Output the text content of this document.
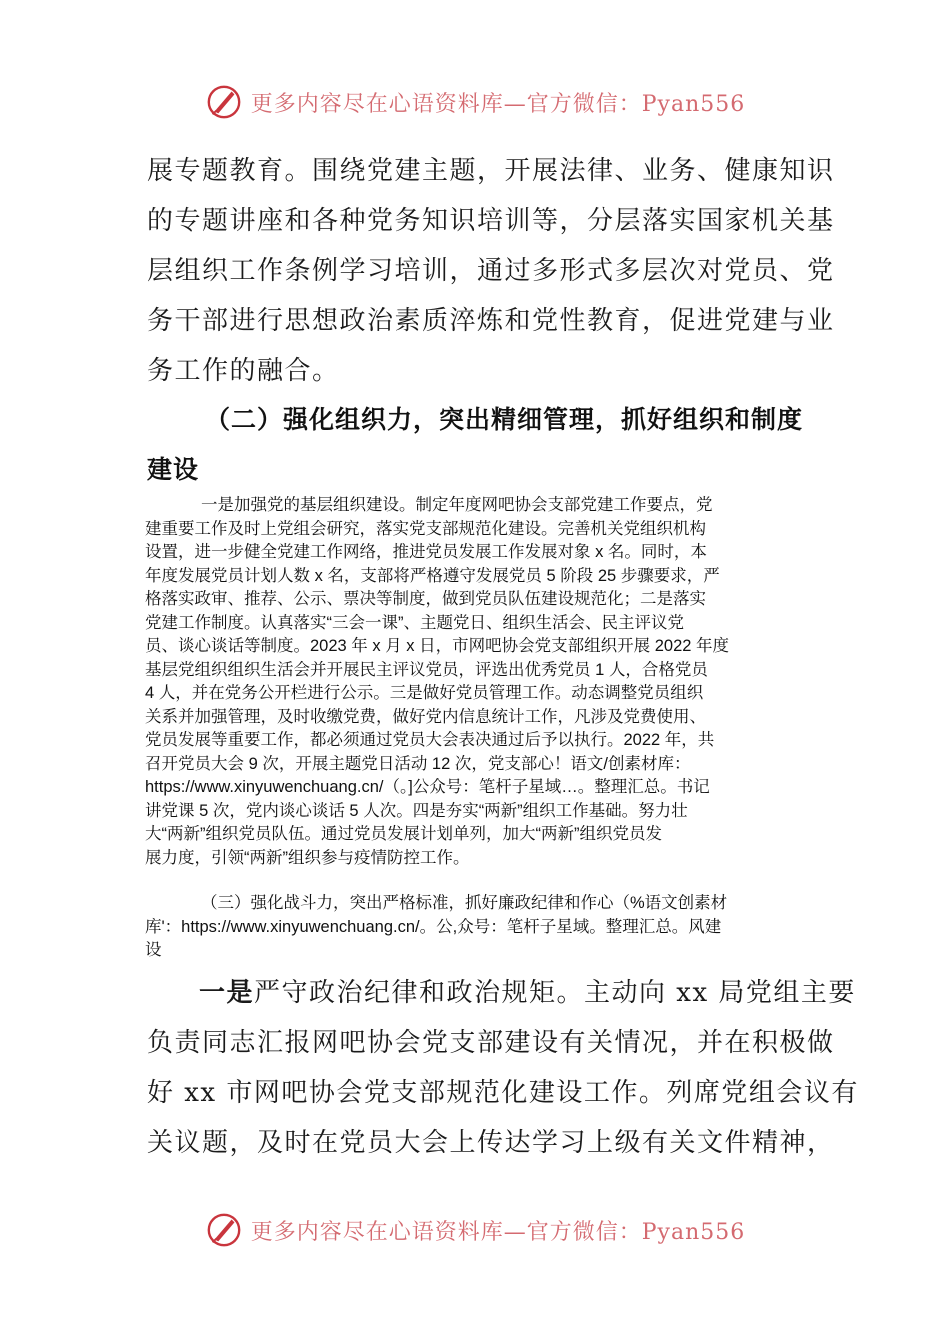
更多内容尽在心语资料库—官方微信：Pyan556
展专题教育。围绕党建主题，开展法律、业务、健康知识
的专题讲座和各种党务知识培训等，分层落实国家机关基
层组织工作条例学习培训，通过多形式多层次对党员、党
务干部进行思想政治素质淬炼和党性教育，促进党建与业
务工作的融合。
（二）强化组织力，突出精细管理，抓好组织和制度
建设
一是加强党的基层组织建设。制定年度网吧协会支部党建工作要点，党
建重要工作及时上党组会研究，落实党支部规范化建设。完善机关党组织机构
设置，进一步健全党建工作网络，推进党员发展工作发展对象 x 名。同时，本
年度发展党员计划人数 x 名，支部将严格遵守发展党员 5 阶段 25 步骤要求，严
格落实政审、推荐、公示、票决等制度，做到党员队伍建设规范化；二是落实
党建工作制度。认真落实“三会一课”、主题党日、组织生活会、民主评议党
员、谈心谈话等制度。2023 年 x 月 x 日，市网吧协会党支部组织开展 2022 年度
基层党组织组织生活会并开展民主评议党员，评选出优秀党员 1 人，合格党员
4 人，并在党务公开栏进行公示。三是做好党员管理工作。动态调整党员组织
关系并加强管理，及时收缴党费，做好党内信息统计工作，凡涉及党费使用、
党员发展等重要工作，都必须通过党员大会表决通过后予以执行。2022 年，共
召开党员大会 9 次，开展主题党日活动 12 次，党支部心！语文/创素材库：
https://www.xinyuwenchuang.cn/（。]公众号：笔杆子星域…。整理汇总。书记
讲党课 5 次，党内谈心谈话 5 人次。四是夯实“两新”组织工作基础。努力壮
大“两新”组织党员队伍。通过党员发展计划单列，加大“两新”组织党员发
展力度，引领“两新”组织参与疫情防控工作。
（三）强化战斗力，突出严格标准，抓好廉政纪律和作心（%语文创素材
库'：https://www.xinyuwenchuang.cn/。公,众号：笔杆子星域。整理汇总。风建
设
一是严守政治纪律和政治规矩。主动向 xx 局党组主要
负责同志汇报网吧协会党支部建设有关情况，并在积极做
好 xx 市网吧协会党支部规范化建设工作。列席党组会议有
关议题，及时在党员大会上传达学习上级有关文件精神，
更多内容尽在心语资料库—官方微信：Pyan556
